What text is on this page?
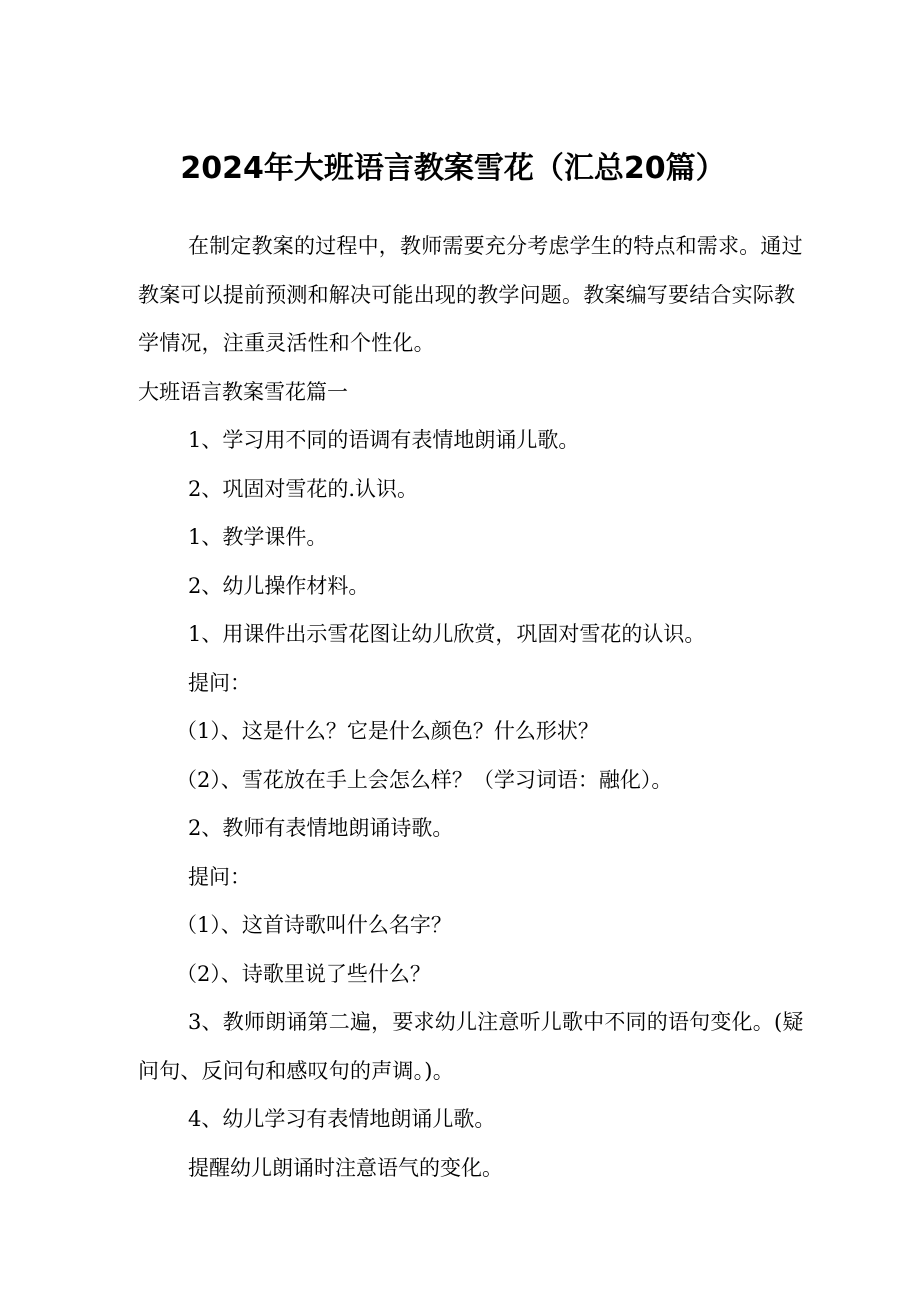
2024年大班语言教案雪花（汇总20篇）

在制定教案的过程中，教师需要充分考虑学生的特点和需求。通过教案可以提前预测和解决可能出现的教学问题。教案编写要结合实际教学情况，注重灵活性和个性化。

大班语言教案雪花篇一

1、学习用不同的语调有表情地朗诵儿歌。

2、巩固对雪花的.认识。

1、教学课件。

2、幼儿操作材料。

1、用课件出示雪花图让幼儿欣赏，巩固对雪花的认识。

提问：

（1）、这是什么？它是什么颜色？什么形状？

（2）、雪花放在手上会怎么样？（学习词语：融化）。

2、教师有表情地朗诵诗歌。

提问：

（1）、这首诗歌叫什么名字？

（2）、诗歌里说了些什么？

3、教师朗诵第二遍，要求幼儿注意听儿歌中不同的语句变化。(疑问句、反问句和感叹句的声调。)。

4、幼儿学习有表情地朗诵儿歌。

提醒幼儿朗诵时注意语气的变化。
